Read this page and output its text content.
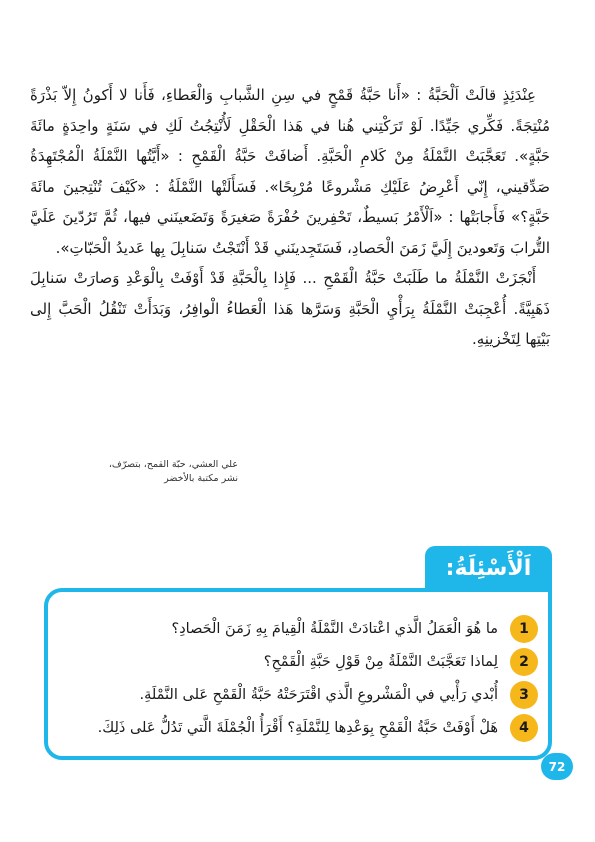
عِنْدَئِذٍ قالَتْ اَلْحَبَّةُ : «أَنا حَبَّةُ قَمْحٍ في سِنِ الشَّبابِ وَالْعَطاءِ، فَأَنا لا أَكونُ إِلاّ بَذْرَةً مُنْتِجَةً. فَكِّري جَيِّدًا. لَوْ تَرَكْتِني هُنا في هَذا الْحَقْلِ لَأُنْتِجُتُ لَكِ في سَنَةٍ واحِدَةٍ مائَةَ حَبَّةٍ». تَعَجَّبَتْ النَّمْلَةُ مِنْ كَلامِ الْحَبَّةِ. أَضافَتْ حَبَّةُ الْقَمْحِ : «أَيَّتُها النَّمْلَةُ الْمُجْتَهِدَةُ صَدِّقيني، إِنّي أَعْرِضُ عَلَيْكِ مَشْروعًا مُرْبِحًا». فَسَأَلَتْها النَّمْلَةُ : «كَيْفَ تُنْتِجينَ مائَةَ حَبَّةٍ؟» فَأَجابَتْها : «اَلْأَمْرُ بَسيطٌ، تَحْفِرينَ حُفْرَةً صَغيرَةً وَتَضَعينَني فيها، ثُمَّ تَرُدّينَ عَلَيَّ التُّرابَ وَتَعودينَ إِلَيَّ زَمَنَ الْحَصادِ، فَسَتَجِدينَني قَدْ أَنْتَجْتُ سَنابِلَ بِها عَديدُ الْحَبّاتِ».

أَنْجَزَتْ النَّمْلَةُ ما طَلَبَتْ حَبَّةُ الْقَمْحِ ... فَإِذا بِالْحَبَّةِ قَدْ أَوْفَتْ بِالْوَعْدِ وَصارَتْ سَنابِلَ ذَهَبِيَّةً. أُعْجِبَتْ النَّمْلَةُ بِرَأْيِ الْحَبَّةِ وَسَرَّها هَذا الْعَطاءُ الْوافِرُ، وَبَدَأَتْ تَنْقُلُ الْحَبَّ إِلى بَيْتِها لِتَخْزينِهِ.

علي العشي، حبّة القمح، بتصرّف،
نشر مكتبة بالأخضر
اَلْأَسْئِلَةُ:
1
ما هُوَ الْعَمَلُ الَّذي اعْتادَتْ النَّمْلَةُ الْقِيامَ بِهِ زَمَنَ الْحَصادِ؟
2
لِماذا تَعَجَّبَتْ النَّمْلَةُ مِنْ قَوْلِ حَبَّةِ الْقَمْحِ؟
3
أُبْدي رَأْيي في الْمَشْروعِ الَّذي اقْتَرَحَتْهُ حَبَّةُ الْقَمْحِ عَلى النَّمْلَةِ.
4
هَلْ أَوْفَتْ حَبَّةُ الْقَمْحِ بِوَعْدِها لِلنَّمْلَةِ؟ أَقْرَأُ الْجُمْلَةَ الَّتي تَدُلُّ عَلى ذَلِكَ.
72
